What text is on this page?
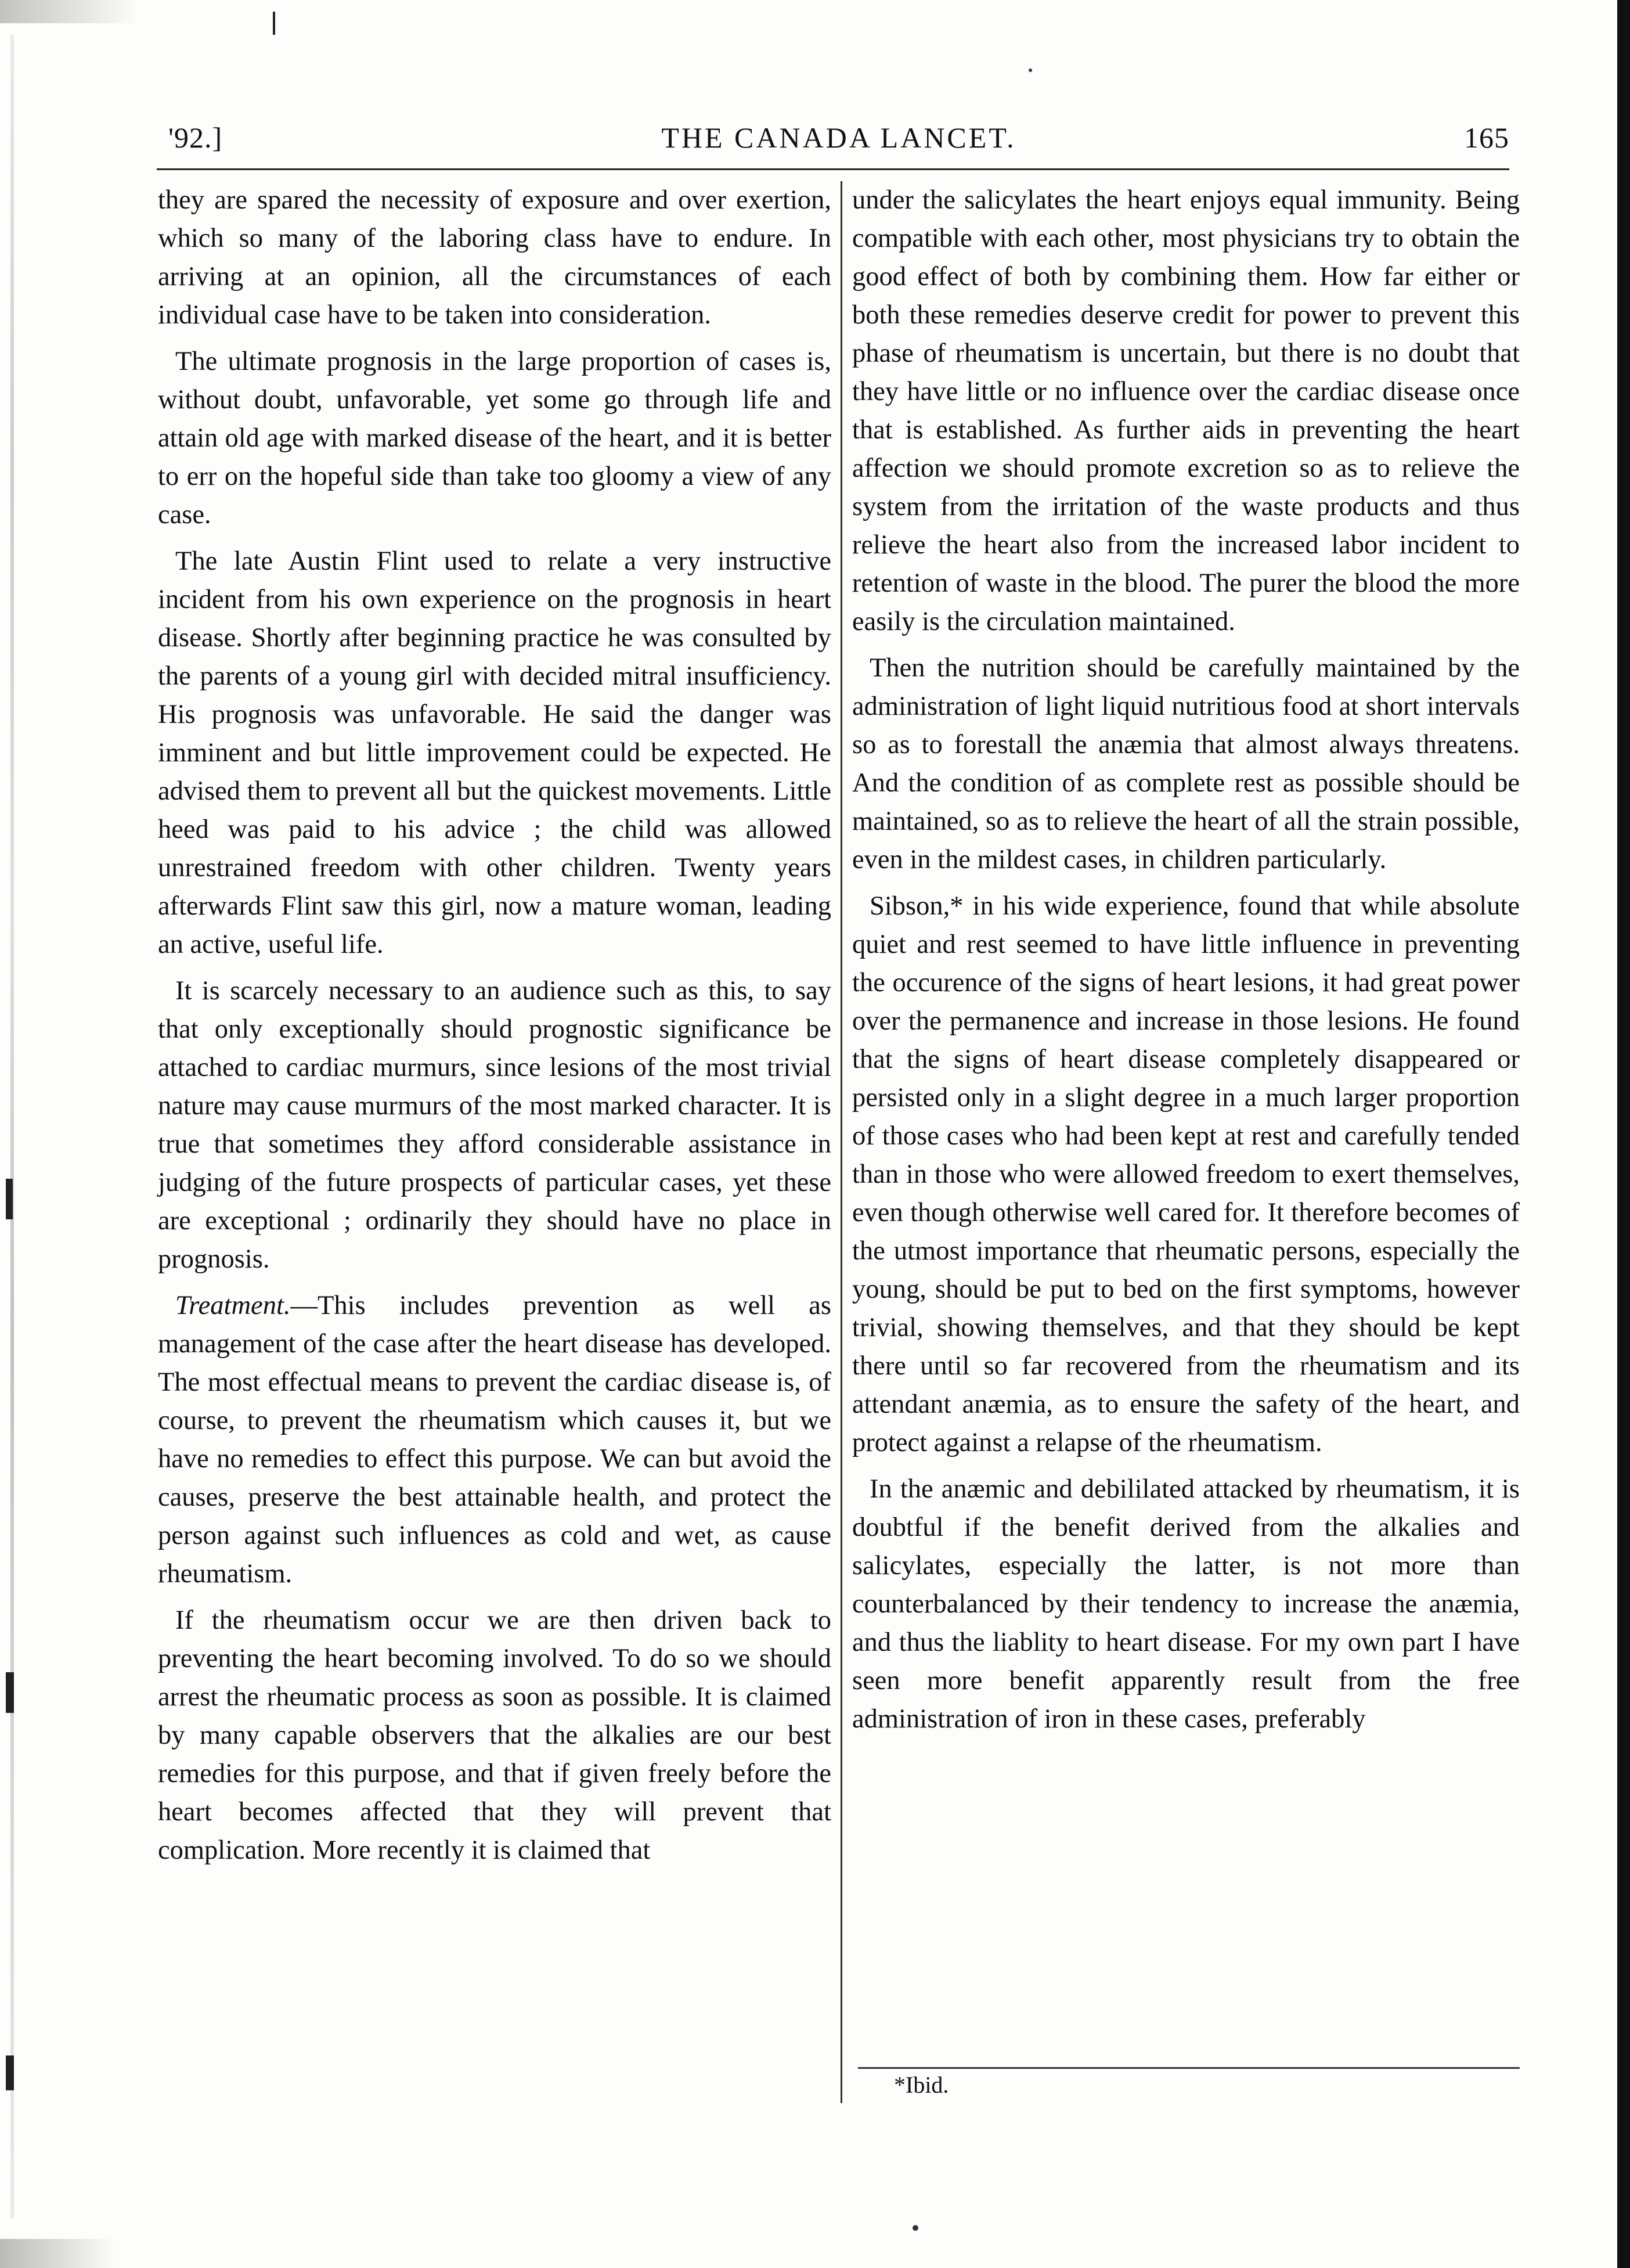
'92.]	THE CANADA LANCET.	165

they are spared the necessity of exposure and over exertion, which so many of the laboring class have to endure. In arriving at an opinion, all the circumstances of each individual case have to be taken into consideration.

The ultimate prognosis in the large proportion of cases is, without doubt, unfavorable, yet some go through life and attain old age with marked disease of the heart, and it is better to err on the hopeful side than take too gloomy a view of any case.

The late Austin Flint used to relate a very instructive incident from his own experience on the prognosis in heart disease. Shortly after beginning practice he was consulted by the parents of a young girl with decided mitral insufficiency. His prognosis was unfavorable. He said the danger was imminent and but little improvement could be expected. He advised them to prevent all but the quickest movements. Little heed was paid to his advice ; the child was allowed unrestrained freedom with other children. Twenty years afterwards Flint saw this girl, now a mature woman, leading an active, useful life.

It is scarcely necessary to an audience such as this, to say that only exceptionally should prognostic significance be attached to cardiac murmurs, since lesions of the most trivial nature may cause murmurs of the most marked character. It is true that sometimes they afford considerable assistance in judging of the future prospects of particular cases, yet these are exceptional ; ordinarily they should have no place in prognosis.

Treatment.—This includes prevention as well as management of the case after the heart disease has developed. The most effectual means to prevent the cardiac disease is, of course, to prevent the rheumatism which causes it, but we have no remedies to effect this purpose. We can but avoid the causes, preserve the best attainable health, and protect the person against such influences as cold and wet, as cause rheumatism.

If the rheumatism occur we are then driven back to preventing the heart becoming involved. To do so we should arrest the rheumatic process as soon as possible. It is claimed by many capable observers that the alkalies are our best remedies for this purpose, and that if given freely before the heart becomes affected that they will prevent that complication. More recently it is claimed that

under the salicylates the heart enjoys equal immunity. Being compatible with each other, most physicians try to obtain the good effect of both by combining them. How far either or both these remedies deserve credit for power to prevent this phase of rheumatism is uncertain, but there is no doubt that they have little or no influence over the cardiac disease once that is established. As further aids in preventing the heart affection we should promote excretion so as to relieve the system from the irritation of the waste products and thus relieve the heart also from the increased labor incident to retention of waste in the blood. The purer the blood the more easily is the circulation maintained.

Then the nutrition should be carefully maintained by the administration of light liquid nutritious food at short intervals so as to forestall the anæmia that almost always threatens. And the condition of as complete rest as possible should be maintained, so as to relieve the heart of all the strain possible, even in the mildest cases, in children particularly.

Sibson,* in his wide experience, found that while absolute quiet and rest seemed to have little influence in preventing the occurence of the signs of heart lesions, it had great power over the permanence and increase in those lesions. He found that the signs of heart disease completely disappeared or persisted only in a slight degree in a much larger proportion of those cases who had been kept at rest and carefully tended than in those who were allowed freedom to exert themselves, even though otherwise well cared for. It therefore becomes of the utmost importance that rheumatic persons, especially the young, should be put to bed on the first symptoms, however trivial, showing themselves, and that they should be kept there until so far recovered from the rheumatism and its attendant anæmia, as to ensure the safety of the heart, and protect against a relapse of the rheumatism.

In the anæmic and debililated attacked by rheumatism, it is doubtful if the benefit derived from the alkalies and salicylates, especially the latter, is not more than counterbalanced by their tendency to increase the anæmia, and thus the liablity to heart disease. For my own part I have seen more benefit apparently result from the free administration of iron in these cases, preferably

*Ibid.
